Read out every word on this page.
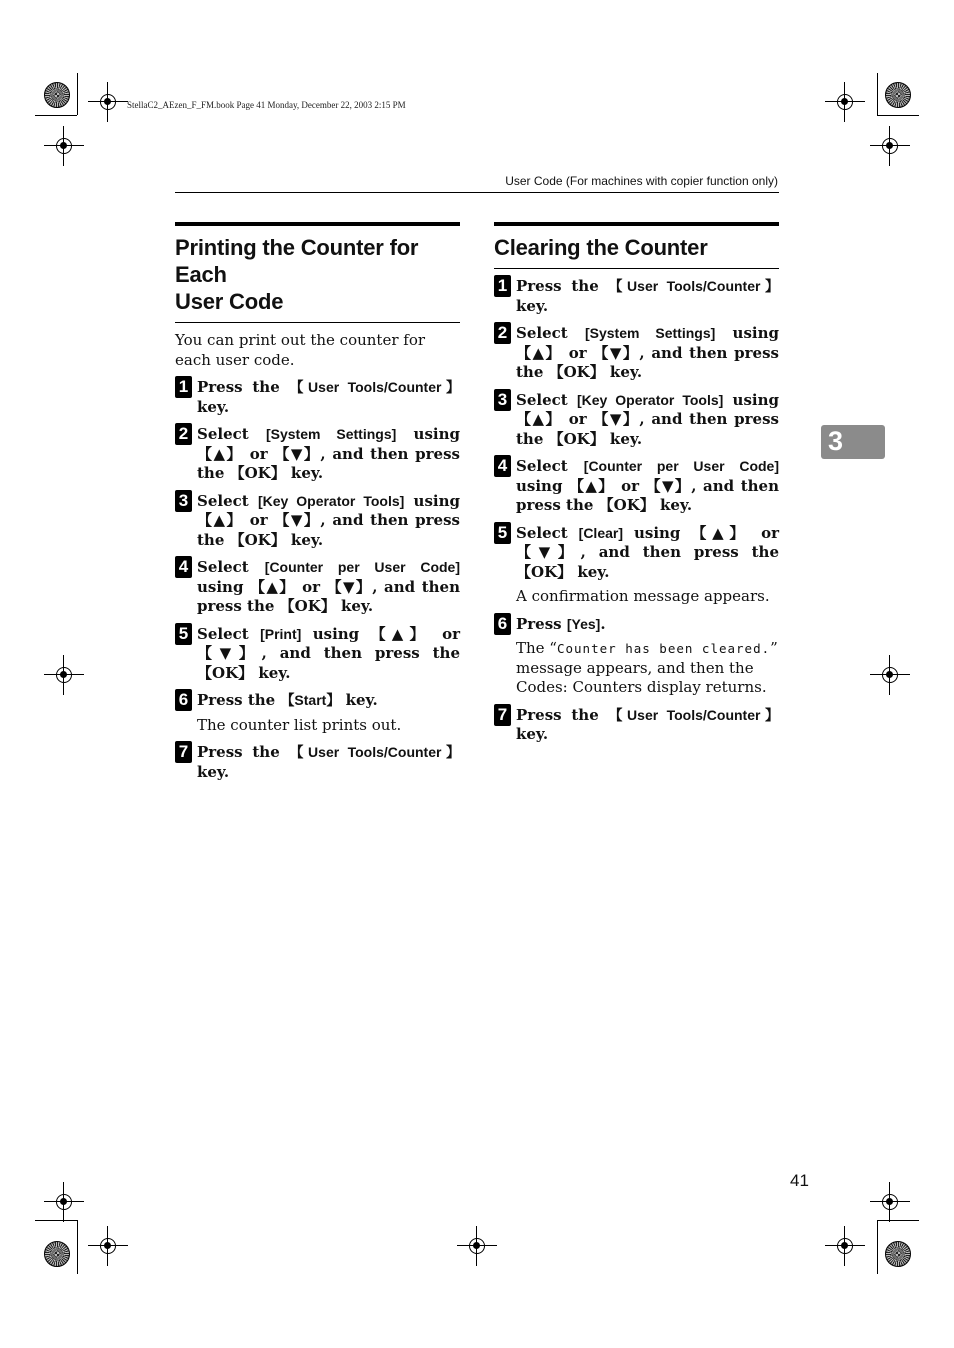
StellaC2_AEzen_F_FM.book Page 41 Monday, December 22, 2003 2:15 PM
User Code (For machines with copier function only)
3
Printing the Counter for Each
User Code
You can print out the counter for each user code.
1 Press the 【User Tools/Counter】 key.
2 Select [System Settings] using 【▲】 or 【▼】, and then press the 【OK】 key.
3 Select [Key Operator Tools] using 【▲】 or 【▼】, and then press the 【OK】 key.
4 Select [Counter per User Code] using 【▲】 or 【▼】, and then press the 【OK】 key.
5 Select [Print] using 【▲】 or 【▼】, and then press the 【OK】 key.
6 Press the 【Start】 key.
The counter list prints out.
7 Press the 【User Tools/Counter】 key.
Clearing the Counter
1 Press the 【User Tools/Counter】 key.
2 Select [System Settings] using 【▲】 or 【▼】, and then press the 【OK】 key.
3 Select [Key Operator Tools] using 【▲】 or 【▼】, and then press the 【OK】 key.
4 Select [Counter per User Code] using 【▲】 or 【▼】, and then press the 【OK】 key.
5 Select [Clear] using 【▲】 or 【▼】, and then press the 【OK】 key.
A confirmation message appears.
6 Press [Yes].
The “Counter has been cleared.” message appears, and then the Codes: Counters display returns.
7 Press the 【User Tools/Counter】 key.
41
